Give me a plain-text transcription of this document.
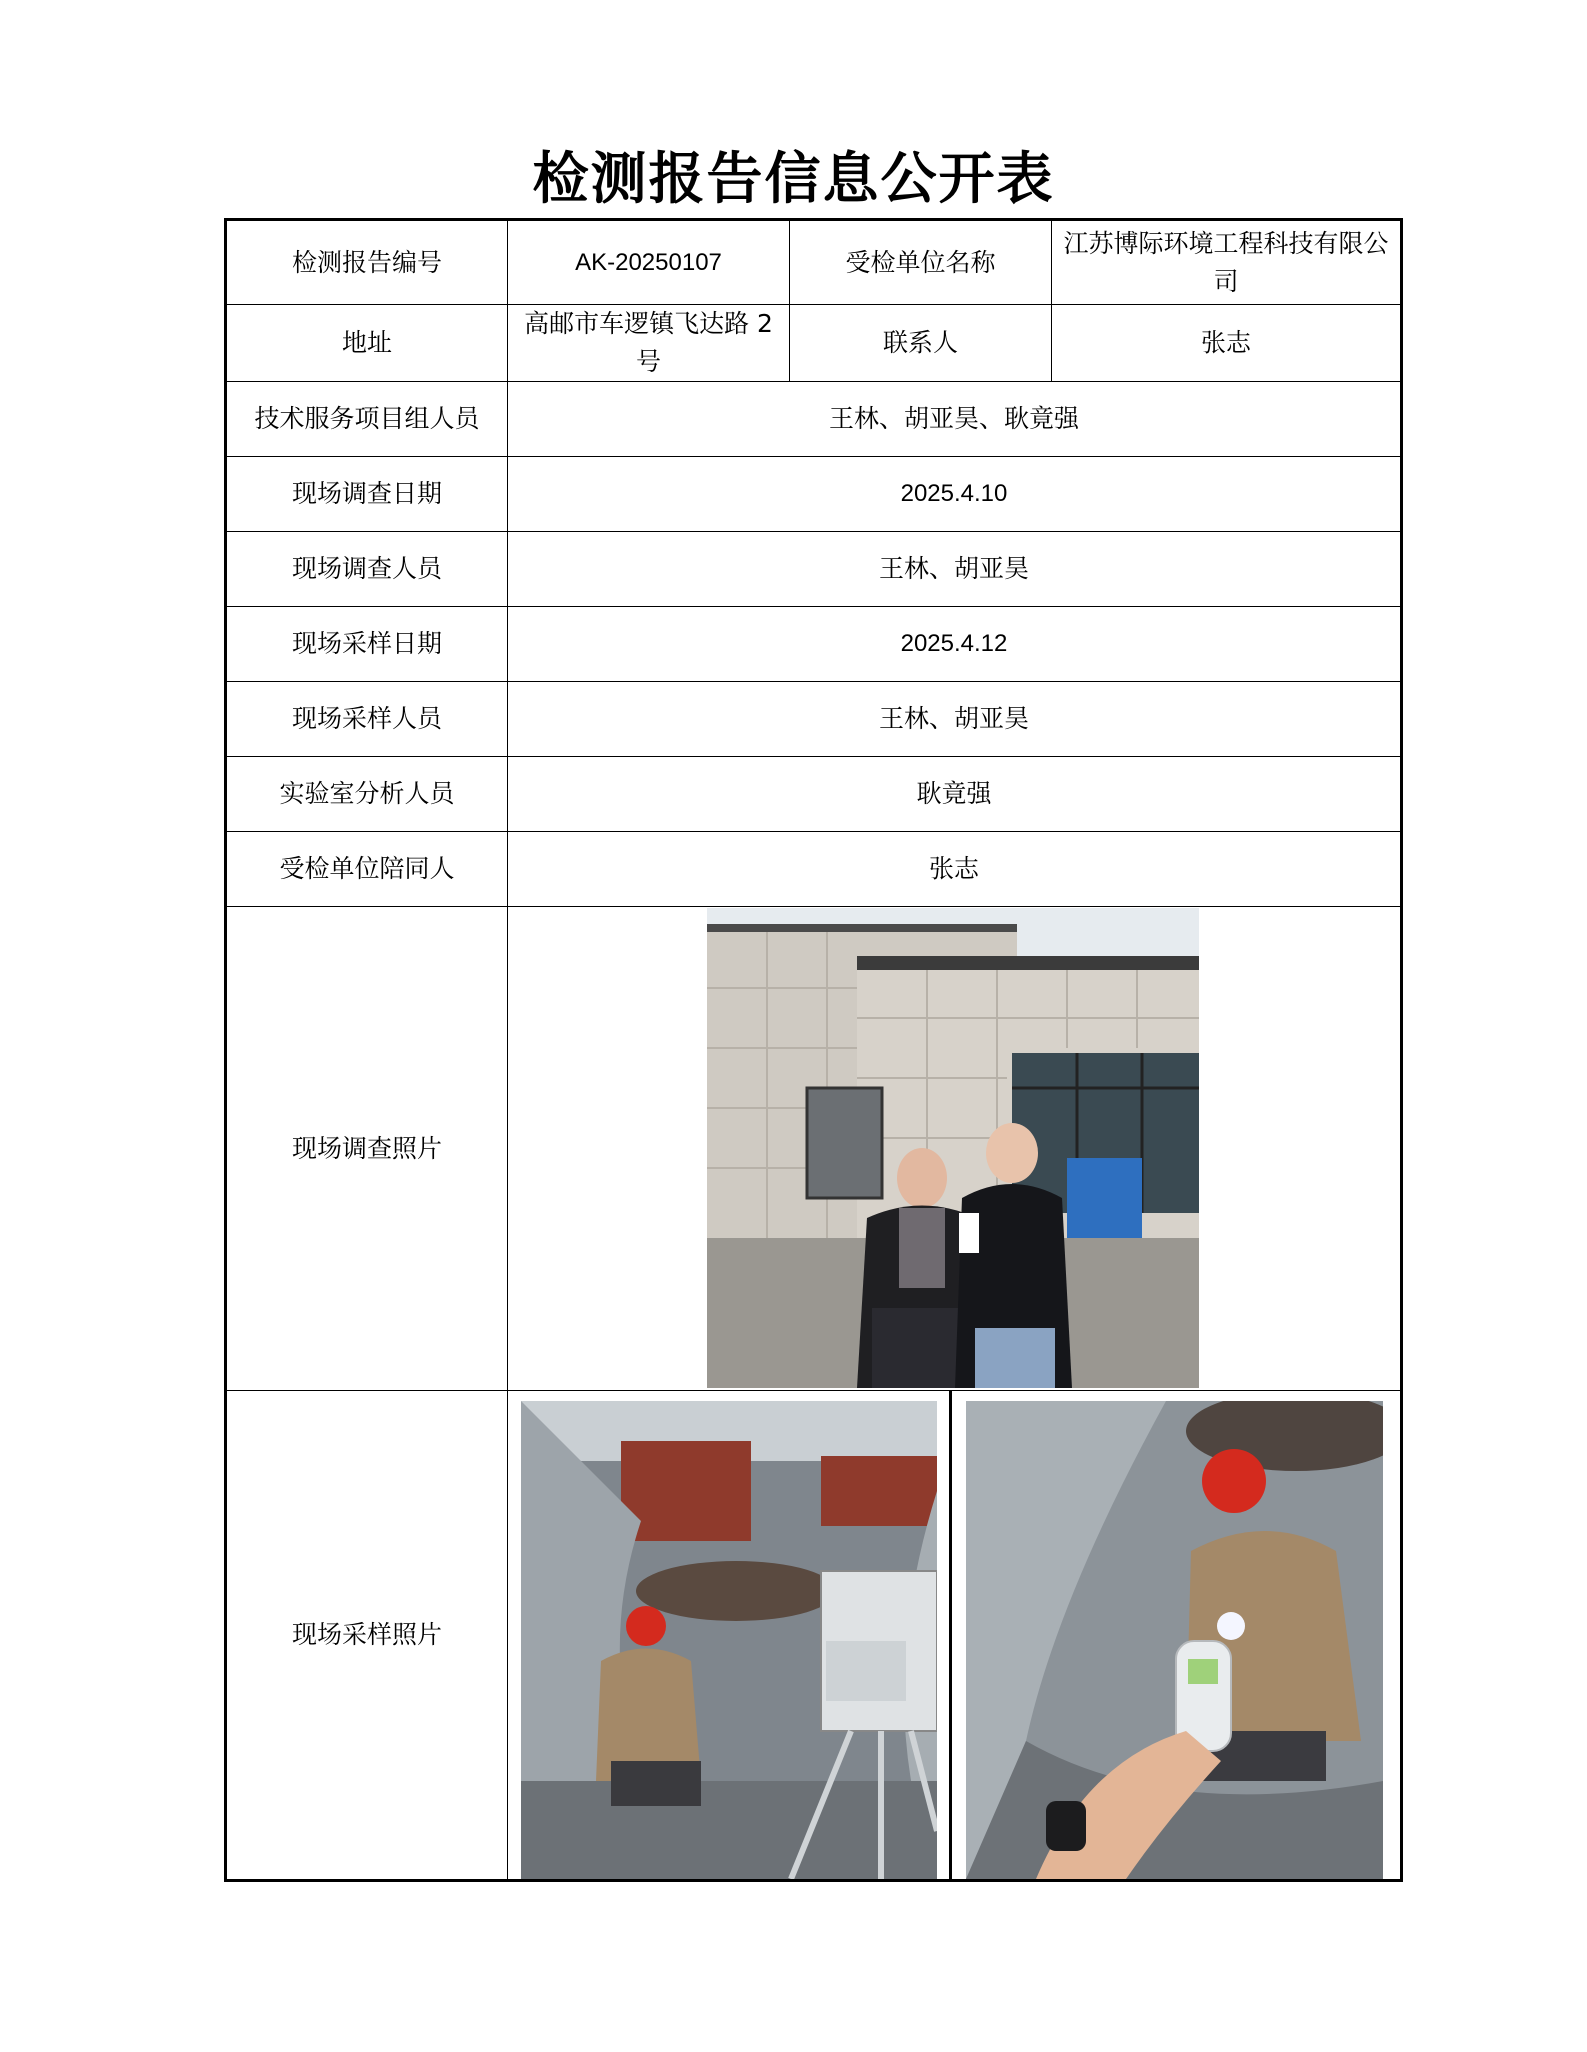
检测报告信息公开表
检测报告编号	AK-20250107	受检单位名称	江苏博际环境工程科技有限公司
地址	高邮市车逻镇飞达路 2 号	联系人	张志
技术服务项目组人员	王林、胡亚昊、耿竟强		
现场调查日期	2025.4.10		
现场调查人员	王林、胡亚昊		
现场采样日期	2025.4.12		
现场采样人员	王林、胡亚昊		
实验室分析人员	耿竟强		
受检单位陪同人	张志		
现场调查照片	

现场采样照片	
